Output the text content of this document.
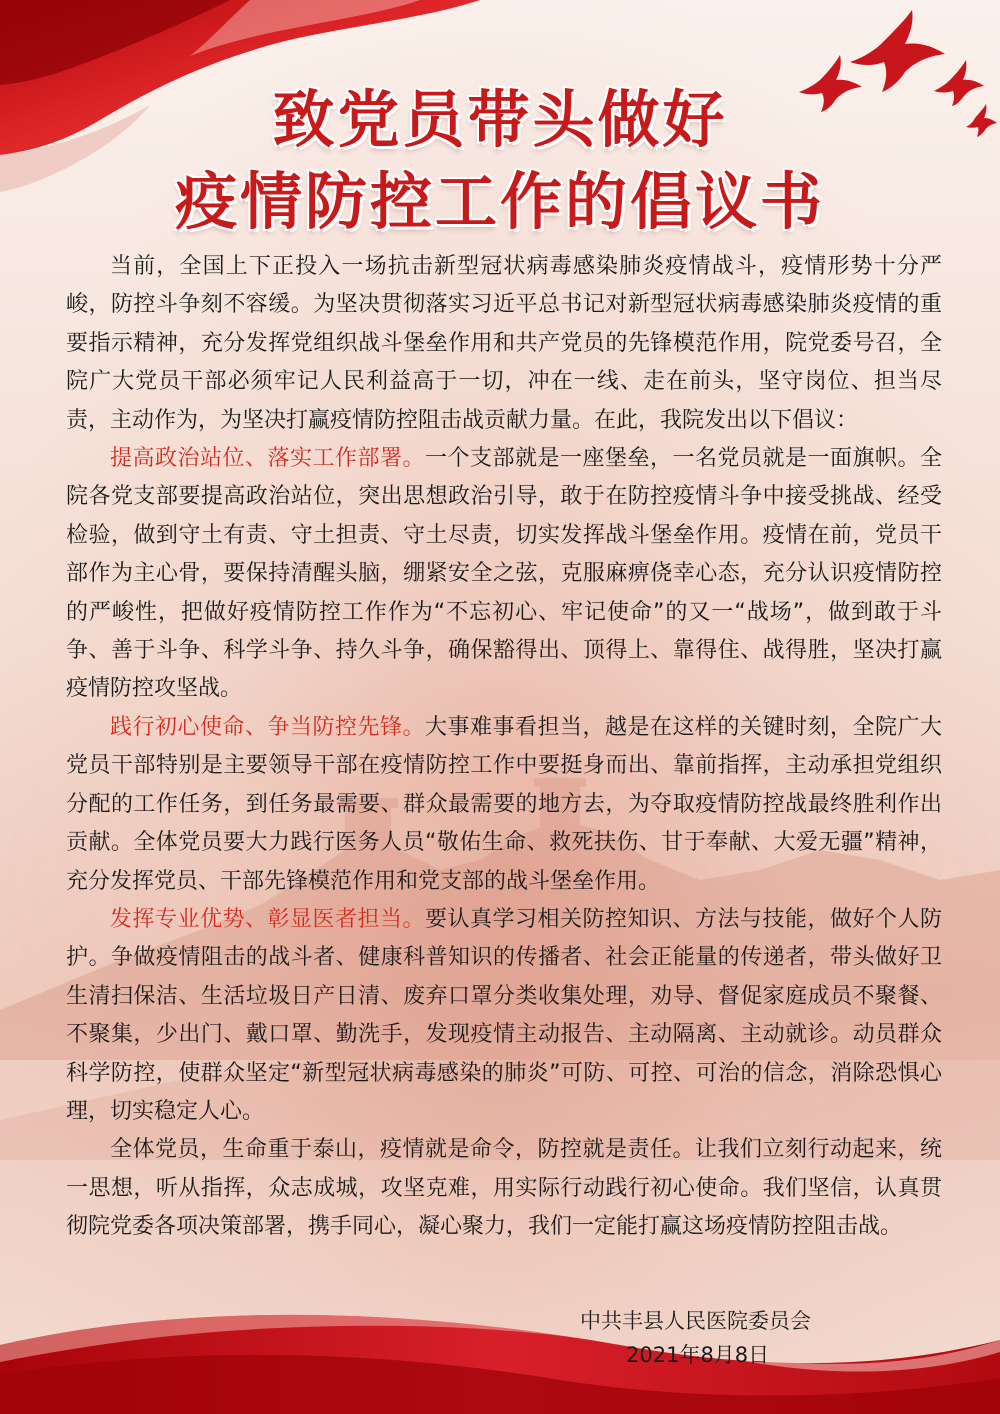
致党员带头做好
疫情防控工作的倡议书

当前，全国上下正投入一场抗击新型冠状病毒感染肺炎疫情战斗，疫情形势十分严峻，防控斗争刻不容缓。为坚决贯彻落实习近平总书记对新型冠状病毒感染肺炎疫情的重要指示精神，充分发挥党组织战斗堡垒作用和共产党员的先锋模范作用，院党委号召，全院广大党员干部必须牢记人民利益高于一切，冲在一线、走在前头，坚守岗位、担当尽责，主动作为，为坚决打赢疫情防控阻击战贡献力量。在此，我院发出以下倡议：

提高政治站位、落实工作部署。一个支部就是一座堡垒，一名党员就是一面旗帜。全院各党支部要提高政治站位，突出思想政治引导，敢于在防控疫情斗争中接受挑战、经受检验，做到守土有责、守土担责、守土尽责，切实发挥战斗堡垒作用。疫情在前，党员干部作为主心骨，要保持清醒头脑，绷紧安全之弦，克服麻痹侥幸心态，充分认识疫情防控的严峻性，把做好疫情防控工作作为“不忘初心、牢记使命”的又一“战场”，做到敢于斗争、善于斗争、科学斗争、持久斗争，确保豁得出、顶得上、靠得住、战得胜，坚决打赢疫情防控攻坚战。

践行初心使命、争当防控先锋。大事难事看担当，越是在这样的关键时刻，全院广大党员干部特别是主要领导干部在疫情防控工作中要挺身而出、靠前指挥，主动承担党组织分配的工作任务，到任务最需要、群众最需要的地方去，为夺取疫情防控战最终胜利作出贡献。全体党员要大力践行医务人员“敬佑生命、救死扶伤、甘于奉献、大爱无疆”精神，充分发挥党员、干部先锋模范作用和党支部的战斗堡垒作用。

发挥专业优势、彰显医者担当。要认真学习相关防控知识、方法与技能，做好个人防护。争做疫情阻击的战斗者、健康科普知识的传播者、社会正能量的传递者，带头做好卫生清扫保洁、生活垃圾日产日清、废弃口罩分类收集处理，劝导、督促家庭成员不聚餐、不聚集，少出门、戴口罩、勤洗手，发现疫情主动报告、主动隔离、主动就诊。动员群众科学防控，使群众坚定“新型冠状病毒感染的肺炎”可防、可控、可治的信念，消除恐惧心理，切实稳定人心。

全体党员，生命重于泰山，疫情就是命令，防控就是责任。让我们立刻行动起来，统一思想，听从指挥，众志成城，攻坚克难，用实际行动践行初心使命。我们坚信，认真贯彻院党委各项决策部署，携手同心，凝心聚力，我们一定能打赢这场疫情防控阻击战。

中共丰县人民医院委员会
2021年8月8日
